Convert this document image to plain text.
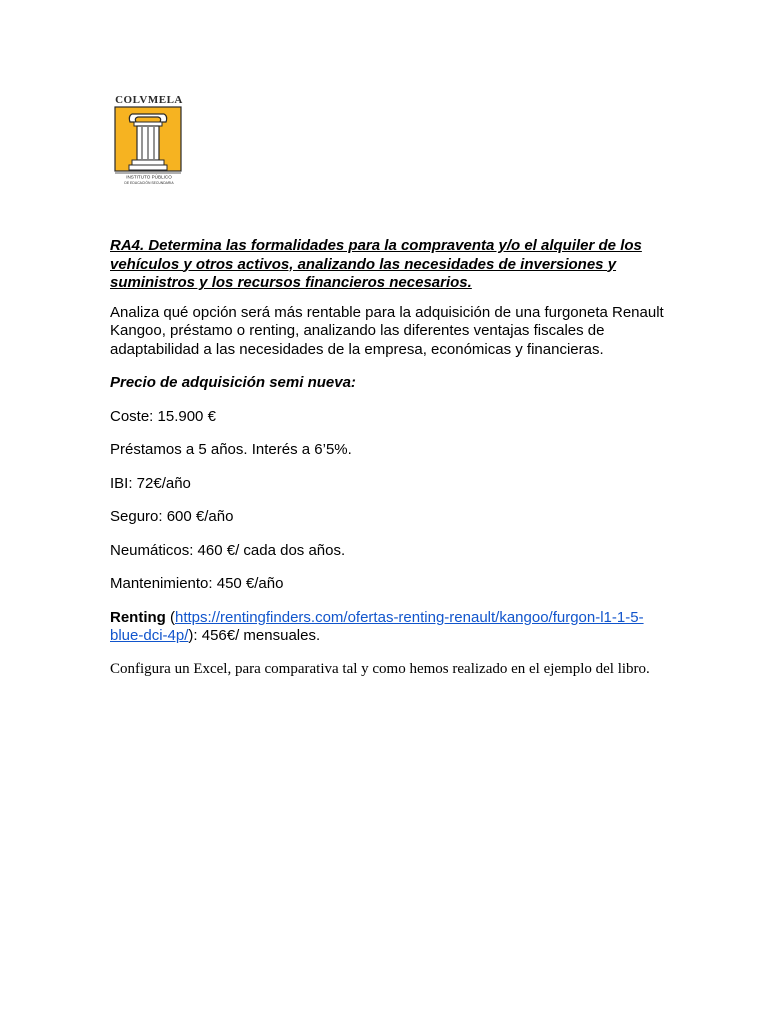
COLVMELA
INSTITUTO PÚBLICO
DE EDUCACIÓN SECUNDARIA

RA4. Determina las formalidades para la compraventa y/o el alquiler de los vehículos y otros activos, analizando las necesidades de inversiones y suministros y los recursos financieros necesarios.

Analiza qué opción será más rentable para la adquisición de una furgoneta Renault Kangoo, préstamo o renting, analizando las diferentes ventajas fiscales de adaptabilidad a las necesidades de la empresa, económicas y financieras.

Precio de adquisición semi nueva:

Coste: 15.900 €

Préstamos a 5 años. Interés a 6’5%.

IBI: 72€/año

Seguro: 600 €/año

Neumáticos: 460 €/ cada dos años.

Mantenimiento: 450 €/año

Renting (https://rentingfinders.com/ofertas-renting-renault/kangoo/furgon-l1-1-5-blue-dci-4p/): 456€/ mensuales.

Configura un Excel, para comparativa tal y como hemos realizado en el ejemplo del libro.
